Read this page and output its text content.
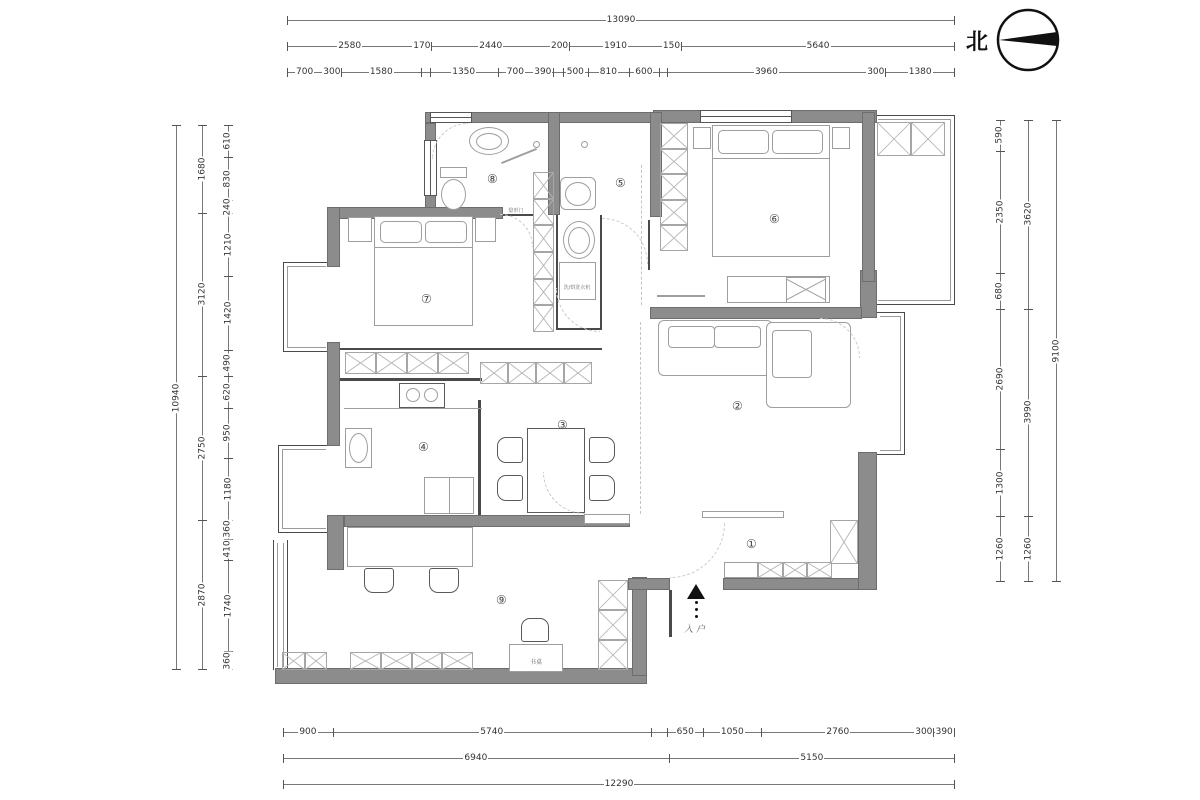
①
②
③
④
⑤
⑥
⑦
⑧
⑨
隐形门
洗/烘洗衣机
书桌
13090
2580	170	2440	200	1910	150	5640
700 300	1580	1350	700 390 500 810 600	3960	300	1380
900	5740	650	1050	2760	300 390
6940	5150
12290
10940
1680
3120
2750
2870
610
830
240
1210
1420
490
620
950
1180
360
410
1740
360
590
2350
680
2690
1300
1260
3620
3990
1260
9100
北
入户
